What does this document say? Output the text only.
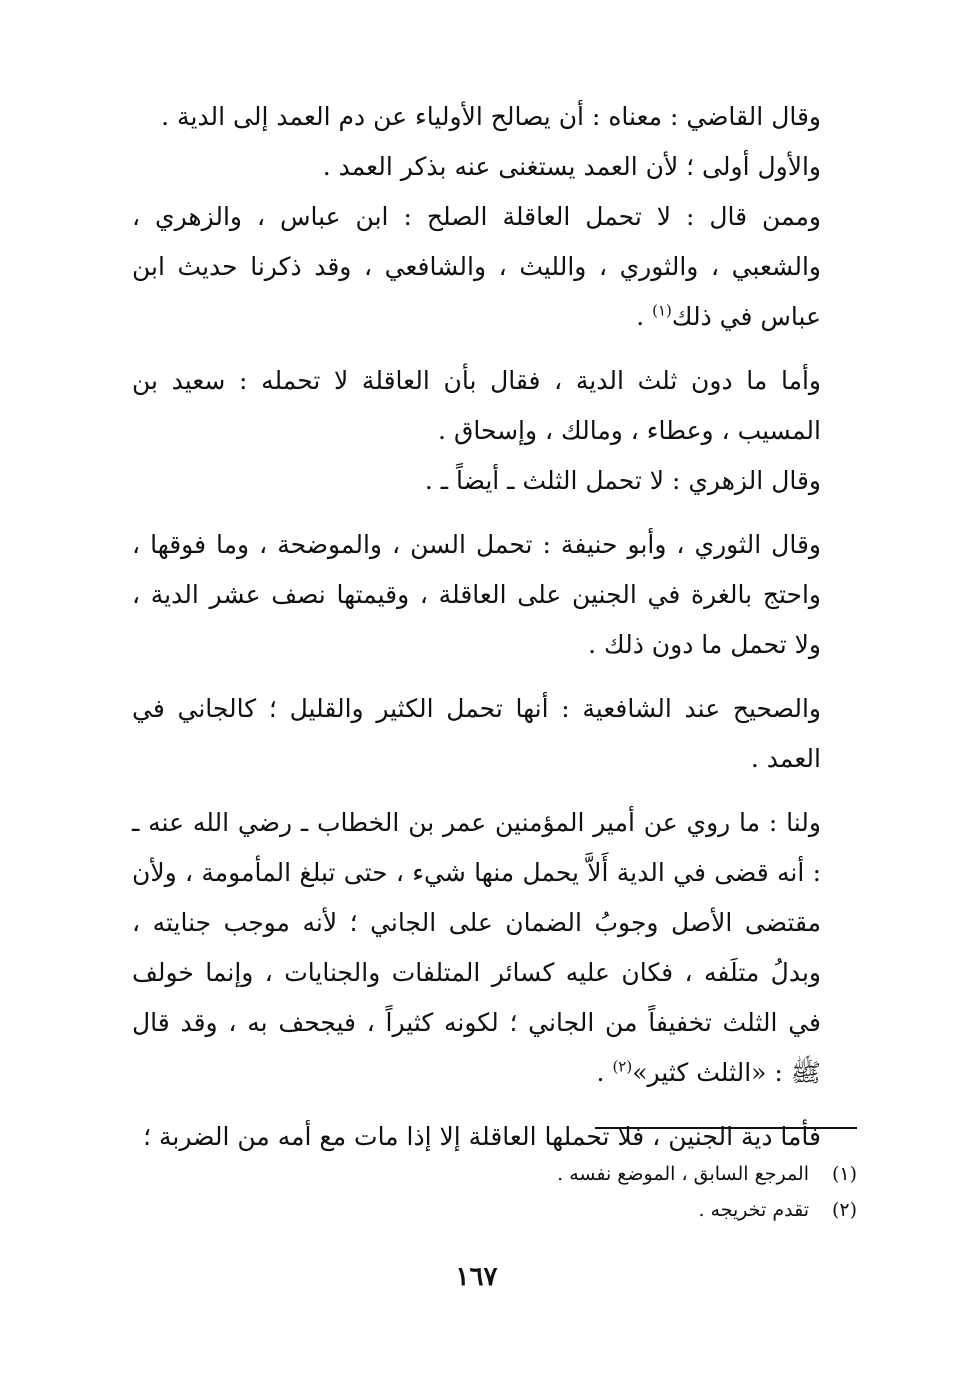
وقال القاضي : معناه : أن يصالح الأولياء عن دم العمد إلى الدية .

والأول أولى ؛ لأن العمد يستغنى عنه بذكر العمد .

وممن قال : لا تحمل العاقلة الصلح : ابن عباس ، والزهري ، والشعبي ، والثوري ، والليث ، والشافعي ، وقد ذكرنا حديث ابن عباس في ذلك$^{(١)}$ .

وأما ما دون ثلث الدية ، فقال بأن العاقلة لا تحمله : سعيد بن المسيب ، وعطاء ، ومالك ، وإسحاق .

وقال الزهري : لا تحمل الثلث ـ أيضاً ـ .

وقال الثوري ، وأبو حنيفة : تحمل السن ، والموضحة ، وما فوقها ، واحتج بالغرة في الجنين على العاقلة ، وقيمتها نصف عشر الدية ، ولا تحمل ما دون ذلك .

والصحيح عند الشافعية : أنها تحمل الكثير والقليل ؛ كالجاني في العمد .

ولنا : ما روي عن أمير المؤمنين عمر بن الخطاب ـ رضي الله عنه ـ : أنه قضى في الدية أَلاَّ يحمل منها شيء ، حتى تبلغ المأمومة ، ولأن مقتضى الأصل وجوبُ الضمان على الجاني ؛ لأنه موجب جنايته ، وبدلُ متلَفه ، فكان عليه كسائر المتلفات والجنايات ، وإنما خولف في الثلث تخفيفاً من الجاني ؛ لكونه كثيراً ، فيجحف به ، وقد قال ﷺ : «الثلث كثير»$^{(٢)}$ .

فأما دية الجنين ، فلا تحملها العاقلة إلا إذا مات مع أمه من الضربة ؛

(١)
المرجع السابق ، الموضع نفسه .

(٢)
تقدم تخريجه .

١٦٧
